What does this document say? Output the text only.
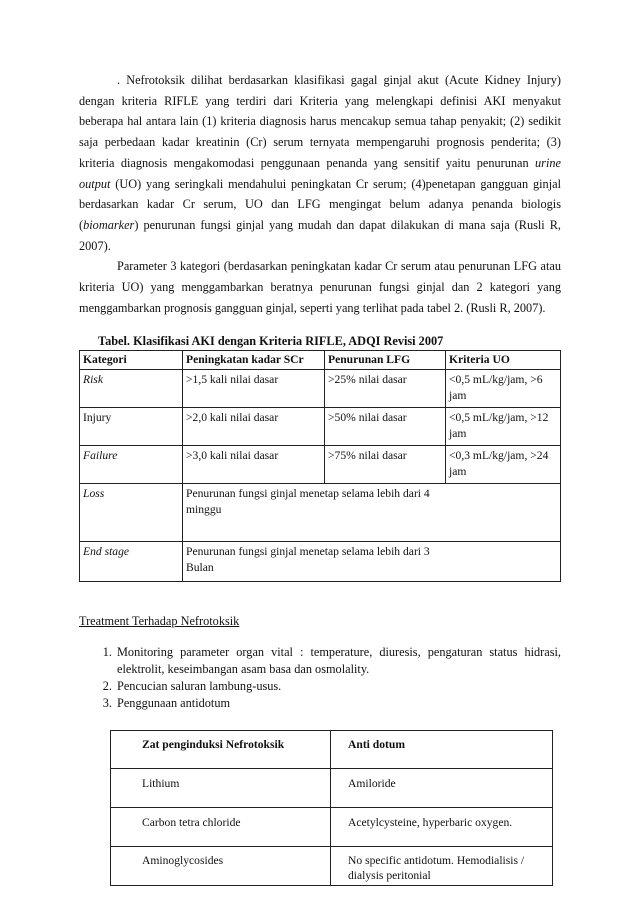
. Nefrotoksik dilihat berdasarkan klasifikasi gagal ginjal akut (Acute Kidney Injury) dengan kriteria RIFLE yang terdiri dari Kriteria yang melengkapi definisi AKI menyakut beberapa hal antara lain (1) kriteria diagnosis harus mencakup semua tahap penyakit; (2) sedikit saja perbedaan kadar kreatinin (Cr) serum ternyata mempengaruhi prognosis penderita; (3) kriteria diagnosis mengakomodasi penggunaan penanda yang sensitif yaitu penurunan urine output (UO) yang seringkali mendahului peningkatan Cr serum; (4)penetapan gangguan ginjal berdasarkan kadar Cr serum, UO dan LFG mengingat belum adanya penanda biologis (biomarker) penurunan fungsi ginjal yang mudah dan dapat dilakukan di mana saja (Rusli R, 2007).

Parameter 3 kategori (berdasarkan peningkatan kadar Cr serum atau penurunan LFG atau kriteria UO) yang menggambarkan beratnya penurunan fungsi ginjal dan 2 kategori yang menggambarkan prognosis gangguan ginjal, seperti yang terlihat pada tabel 2. (Rusli R, 2007).

Tabel. Klasifikasi AKI dengan Kriteria RIFLE, ADQI Revisi 2007
Kategori	Peningkatan kadar SCr	Penurunan LFG	Kriteria UO
Risk	>1,5 kali nilai dasar	>25% nilai dasar	<0,5 mL/kg/jam, >6 jam
Injury	>2,0 kali nilai dasar	>50% nilai dasar	<0,5 mL/kg/jam, >12 jam
Failure	>3,0 kali nilai dasar	>75% nilai dasar	<0,3 mL/kg/jam, >24 jam
Loss	Penurunan fungsi ginjal menetap selama lebih dari 4 minggu		
End stage	Penurunan fungsi ginjal menetap selama lebih dari 3 Bulan		
Treatment Terhadap Nefrotoksik
1. Monitoring parameter organ vital : temperature, diuresis, pengaturan status hidrasi, elektrolit, keseimbangan asam basa dan osmolality.
2. Pencucian saluran lambung-usus.
3. Penggunaan antidotum
Zat penginduksi Nefrotoksik	Anti dotum
Lithium	Amiloride
Carbon tetra chloride	Acetylcysteine, hyperbaric oxygen.
Aminoglycosides	No specific antidotum. Hemodialisis / dialysis peritonial
